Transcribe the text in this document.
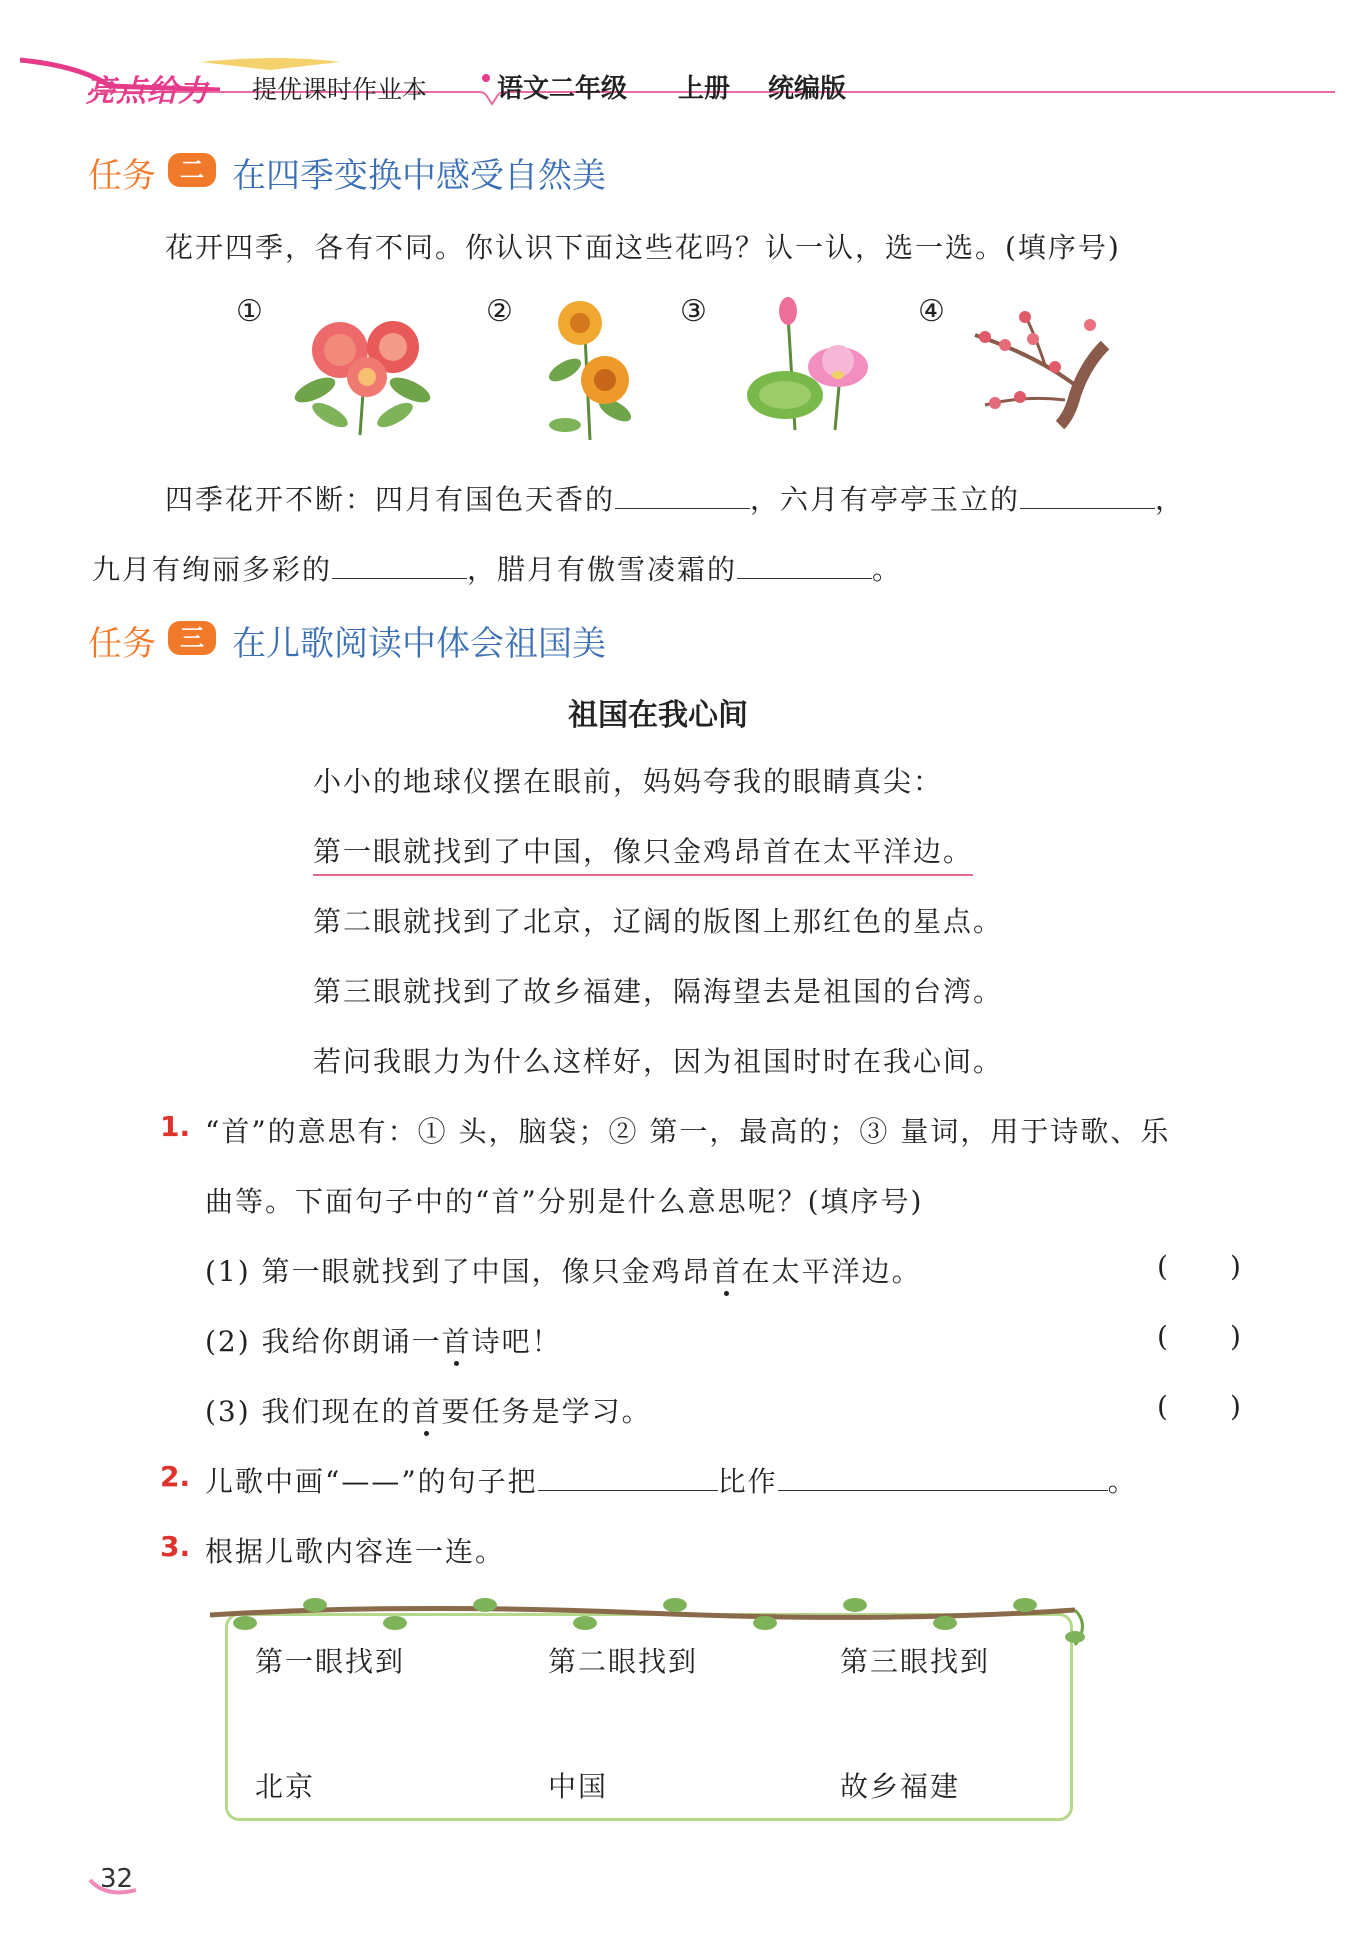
亮点给力 提优课时作业本	语文二年级 上册 统编版
任务	二 在四季变换中感受自然美
花开四季，各有不同。你认识下面这些花吗？认一认，选一选。(填序号)
①	②	③	④
四季花开不断：四月有国色天香的	，六月有亭亭玉立的	，
九月有绚丽多彩的	，腊月有傲雪凌霜的	。
任务	三 在儿歌阅读中体会祖国美
祖国在我心间
小小的地球仪摆在眼前，妈妈夸我的眼睛真尖：
第一眼就找到了中国，像只金鸡昂首在太平洋边。
第二眼就找到了北京，辽阔的版图上那红色的星点。
第三眼就找到了故乡福建，隔海望去是祖国的台湾。
若问我眼力为什么这样好，因为祖国时时在我心间。
1. “首”的意思有：① 头，脑袋；② 第一，最高的；③ 量词，用于诗歌、乐
曲等。下面句子中的“首”分别是什么意思呢？(填序号)
(1) 第一眼就找到了中国，像只金鸡昂首在太平洋边。	( )
(2) 我给你朗诵一首诗吧！	( )
(3) 我们现在的首要任务是学习。	( )
2. 儿歌中画“——”的句子把	比作	。
3. 根据儿歌内容连一连。
第一眼找到	第二眼找到	第三眼找到
北京	中国	故乡福建
32
